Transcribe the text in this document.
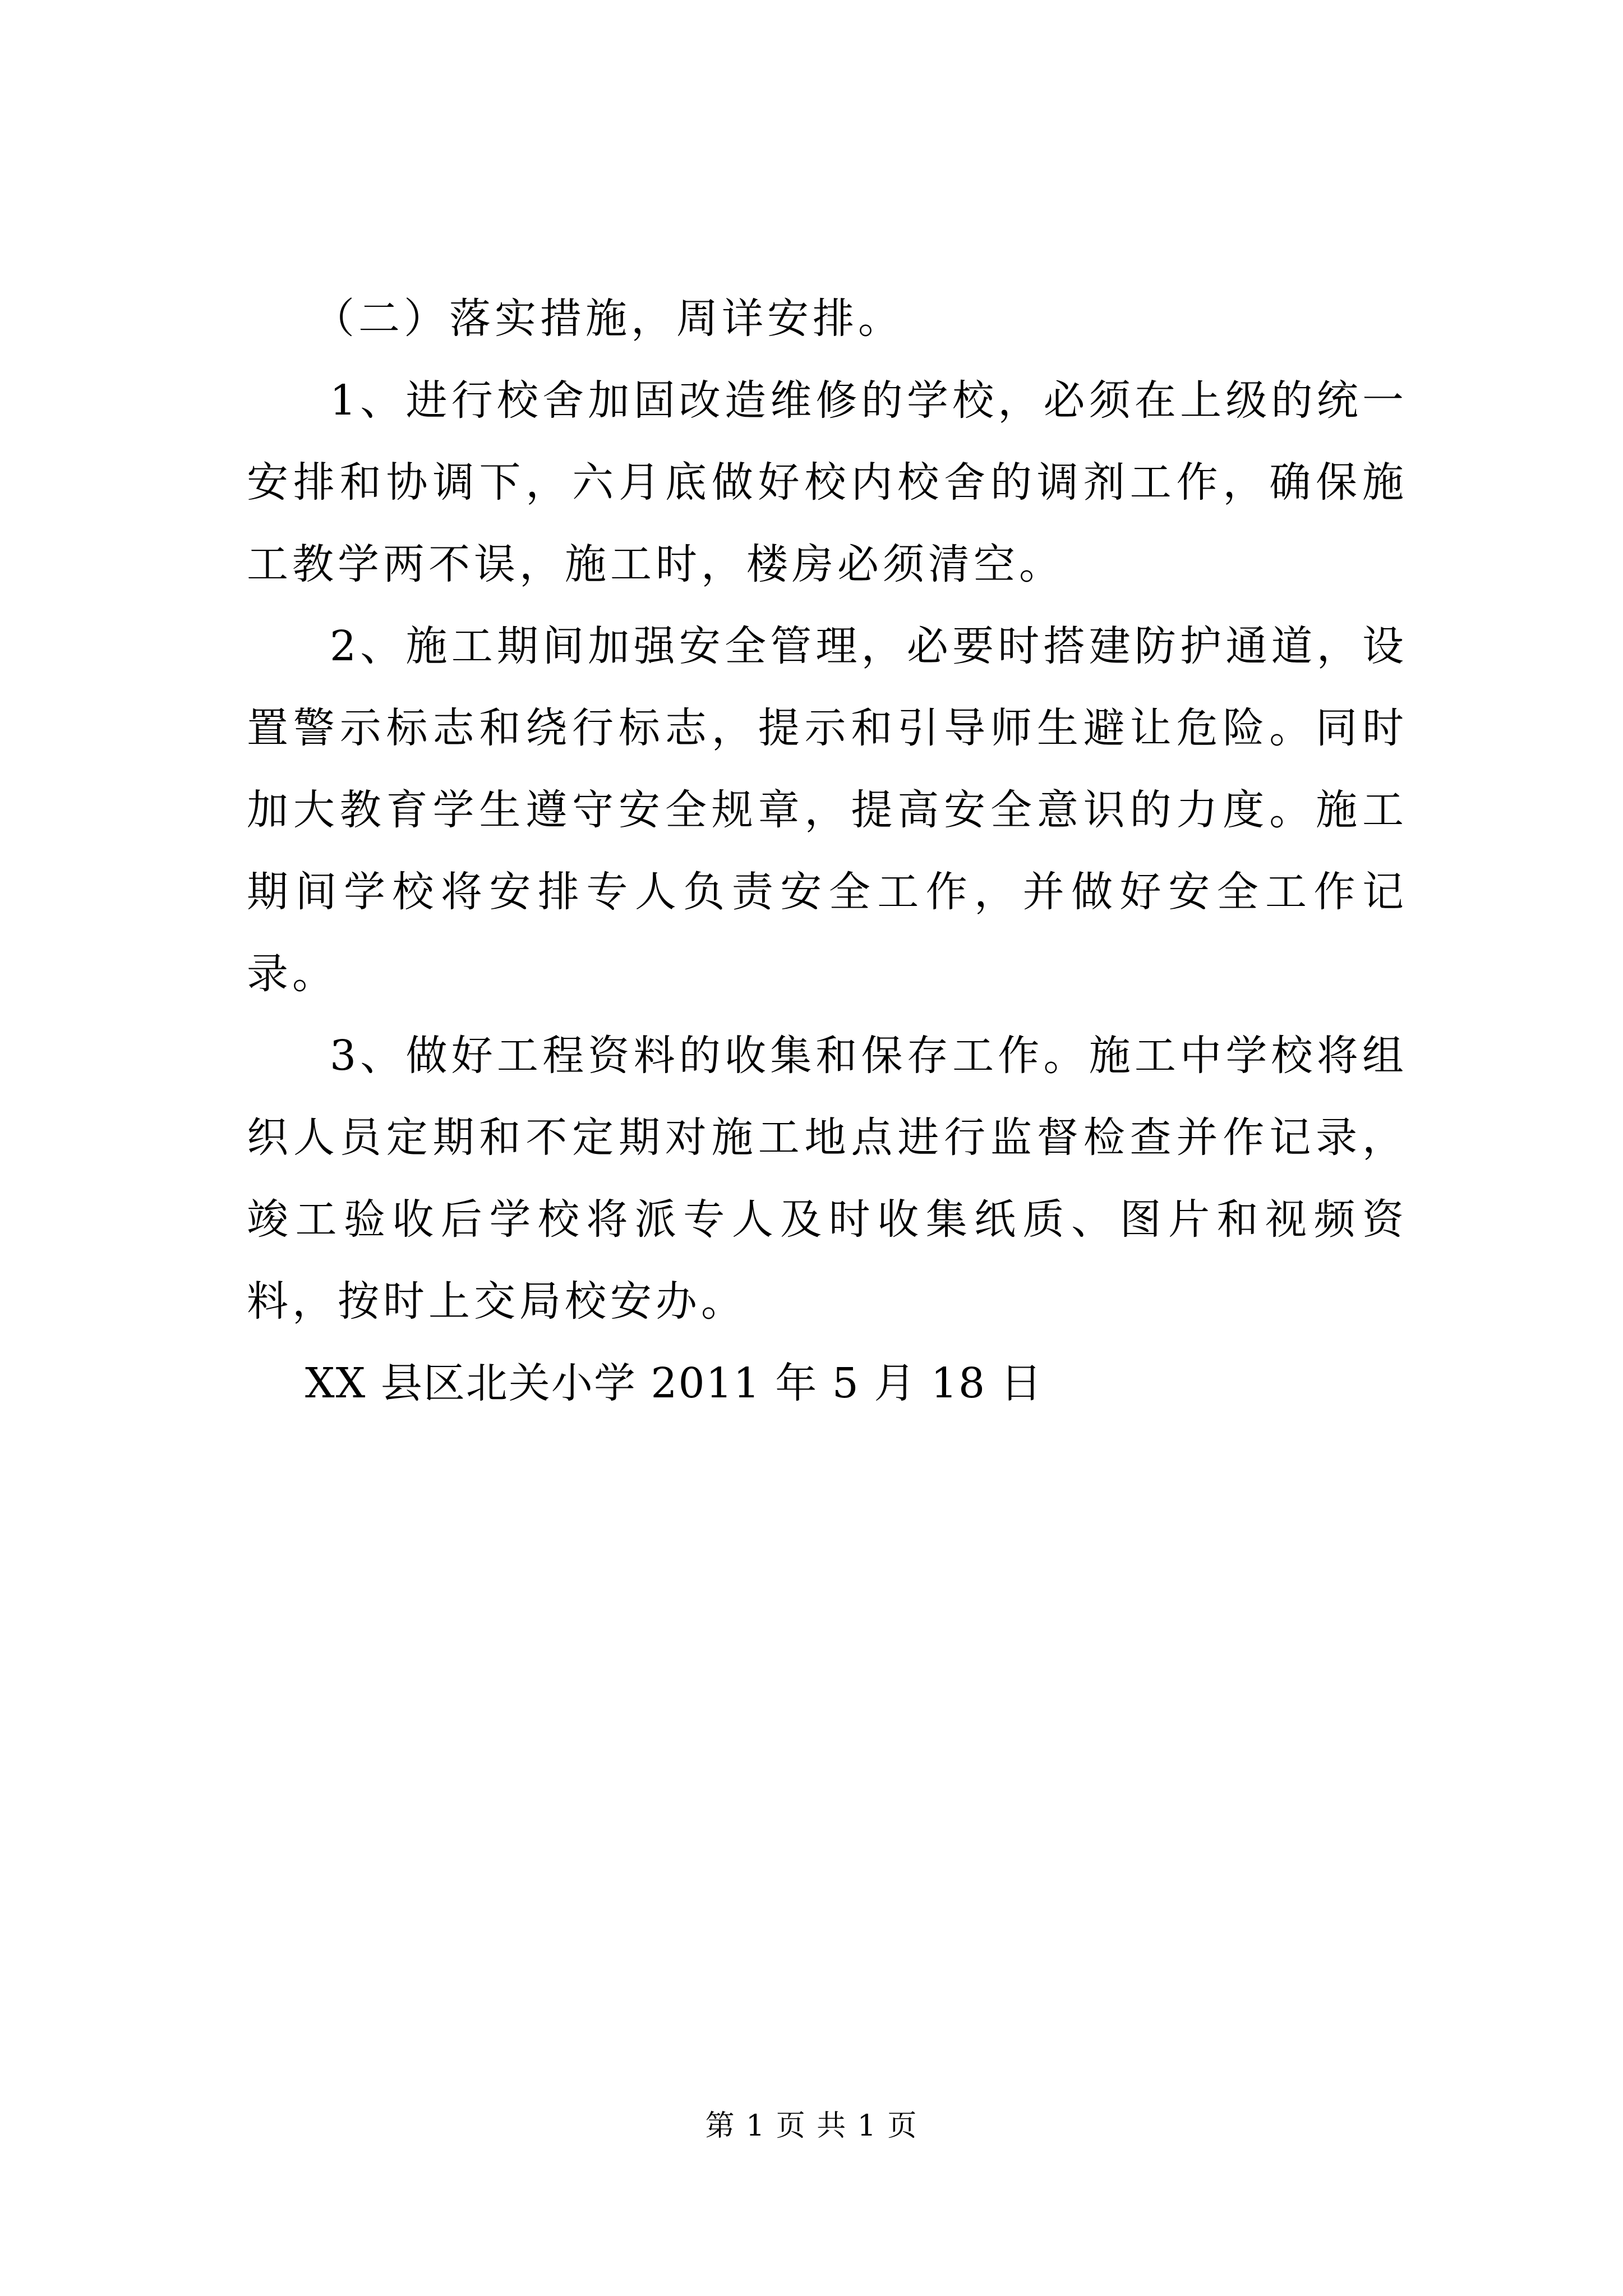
（二）落实措施，周详安排。

1、进行校舍加固改造维修的学校，必须在上级的统一安排和协调下，六月底做好校内校舍的调剂工作，确保施工教学两不误，施工时，楼房必须清空。

2、施工期间加强安全管理，必要时搭建防护通道，设置警示标志和绕行标志，提示和引导师生避让危险。同时加大教育学生遵守安全规章，提高安全意识的力度。施工期间学校将安排专人负责安全工作，并做好安全工作记录。

3、做好工程资料的收集和保存工作。施工中学校将组织人员定期和不定期对施工地点进行监督检查并作记录，竣工验收后学校将派专人及时收集纸质、图片和视频资料，按时上交局校安办。

XX 县区北关小学 2011 年 5 月 18 日

第 1 页 共 1 页
